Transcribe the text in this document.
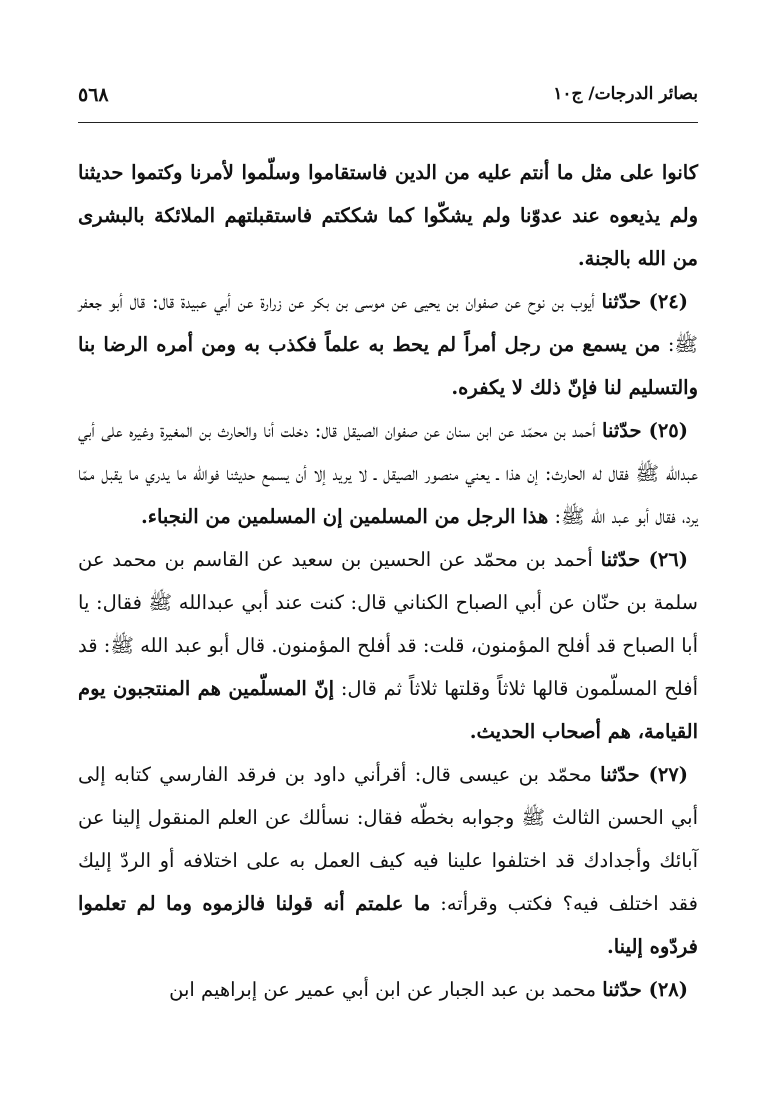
بصائر الدرجات/ ج١٠
٥٦٨

كانوا على مثل ما أنتم عليه من الدين فاستقاموا وسلّموا لأمرنا وكتموا حديثنا ولم يذيعوه عند عدوّنا ولم يشكّوا كما شككتم فاستقبلتهم الملائكة بالبشرى من الله بالجنة.

(٢٤) حدّثنا أيوب بن نوح عن صفوان بن يحيى عن موسى بن بكر عن زرارة عن أبي عبيدة قال: قال أبو جعفر ﷺ: من يسمع من رجل أمراً لم يحط به علماً فكذب به ومن أمره الرضا بنا والتسليم لنا فإنّ ذلك لا يكفره.

(٢٥) حدّثنا أحمد بن محمّد عن ابن سنان عن صفوان الصيقل قال: دخلت أنا والحارث بن المغيرة وغيره على أبي عبدالله ﷺ فقال له الحارث: إن هذا ـ يعني منصور الصيقل ـ لا يريد إلا أن يسمع حديثنا فوالله ما يدري ما يقبل ممّا يرد، فقال أبو عبد الله ﷺ: هذا الرجل من المسلمين إن المسلمين من النجباء.

(٢٦) حدّثنا أحمد بن محمّد عن الحسين بن سعيد عن القاسم بن محمد عن سلمة بن حنّان عن أبي الصباح الكناني قال: كنت عند أبي عبدالله ﷺ فقال: يا أبا الصباح قد أفلح المؤمنون، قلت: قد أفلح المؤمنون. قال أبو عبد الله ﷺ: قد أفلح المسلّمون قالها ثلاثاً وقلتها ثلاثاً ثم قال: إنّ المسلّمين هم المنتجبون يوم القيامة، هم أصحاب الحديث.

(٢٧) حدّثنا محمّد بن عيسى قال: أقرأني داود بن فرقد الفارسي كتابه إلى أبي الحسن الثالث ﷺ وجوابه بخطّه فقال: نسألك عن العلم المنقول إلينا عن آبائك وأجدادك قد اختلفوا علينا فيه كيف العمل به على اختلافه أو الردّ إليك فقد اختلف فيه؟ فكتب وقرأته: ما علمتم أنه قولنا فالزموه وما لم تعلموا فردّوه إلينا.

(٢٨) حدّثنا محمد بن عبد الجبار عن ابن أبي عمير عن إبراهيم ابن
